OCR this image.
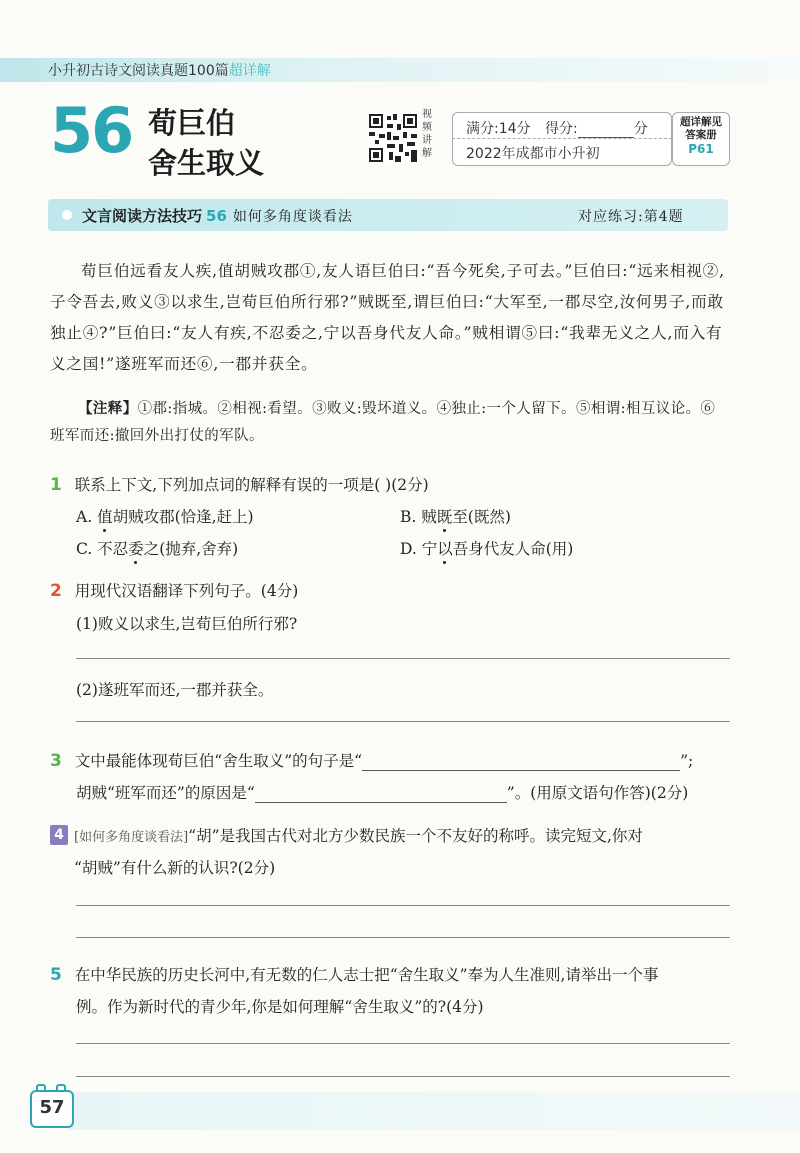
小升初古诗文阅读真题100篇超详解
56 荀巨伯
舍生取义
视频讲解
满分:14分 得分:	分
2022年成都市小升初
超详解见
答案册
P61
文言阅读方法技巧 56 如何多角度谈看法	对应练习:第4题

荀巨伯远看友人疾,值胡贼攻郡①,友人语巨伯曰:“吾今死矣,子可去。”巨伯曰:“远来相视②,子令吾去,败义③以求生,岂荀巨伯所行邪?”贼既至,谓巨伯曰:“大军至,一郡尽空,汝何男子,而敢独止④?”巨伯曰:“友人有疾,不忍委之,宁以吾身代友人命。”贼相谓⑤曰:“我辈无义之人,而入有义之国!”遂班军而还⑥,一郡并获全。

【注释】①郡:指城。②相视:看望。③败义:毁坏道义。④独止:一个人留下。⑤相谓:相互议论。⑥班军而还:撤回外出打仗的军队。
1 联系上下文,下列加点词的解释有误的一项是( )(2分)
A. 值胡贼攻郡(恰逢,赶上)	B. 贼既至(既然)
C. 不忍委之(抛弃,舍弃)	D. 宁以吾身代友人命(用)
2 用现代汉语翻译下列句子。(4分)
(1)败义以求生,岂荀巨伯所行邪?
(2)遂班军而还,一郡并获全。
3 文中最能体现荀巨伯“舍生取义”的句子是“	”;
胡贼“班军而还”的原因是“	”。(用原文语句作答)(2分)
4 [如何多角度谈看法]“胡”是我国古代对北方少数民族一个不友好的称呼。读完短文,你对
“胡贼”有什么新的认识?(2分)
5 在中华民族的历史长河中,有无数的仁人志士把“舍生取义”奉为人生准则,请举出一个事
例。作为新时代的青少年,你是如何理解“舍生取义”的?(4分)
57
